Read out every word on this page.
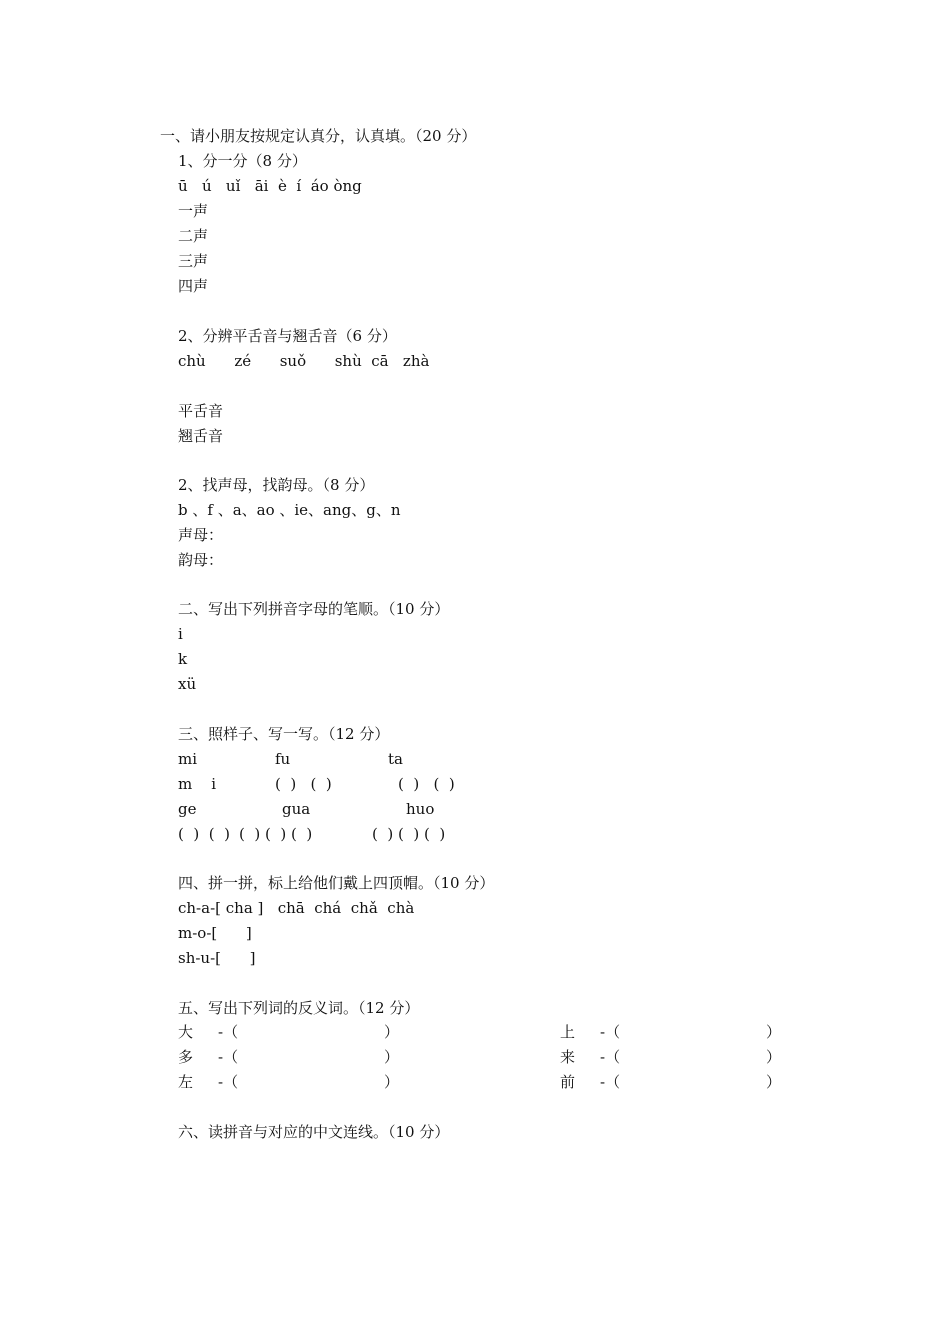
一、请小朋友按规定认真分，认真填。（20 分）

1、分一分（8 分）

ū   ú   uǐ   āi  è  í  áo òng

一声

二声

三声

四声

2、分辨平舌音与翘舌音（6 分）

chù      zé      suǒ      shù  cā   zhà

平舌音

翘舌音

2、找声母，找韵母。（8 分）

b 、f 、a、ao 、ie、ang、g、n

声母：

韵母：

二、写出下列拼音字母的笔顺。（10 分）

i

k

xü

三、照样子、写一写。（12 分）

mi	fu	ta
m    i	(  )   (  )	(  )   (  )
ge	gua	huo
(  )  (  ) (  ) (  ) (  )	(  ) (  ) (  )

四、拼一拼，标上给他们戴上四顶帽。（10 分）

ch-a-[ cha ]   chā  chá  chǎ  chà

m-o-[      ]

sh-u-[      ]

五、写出下列词的反义词。（12 分）

大 -（	）	上 -（	）
多 -（	）	来 -（	）
左 -（	）	前 -（	）

六、读拼音与对应的中文连线。（10 分）
